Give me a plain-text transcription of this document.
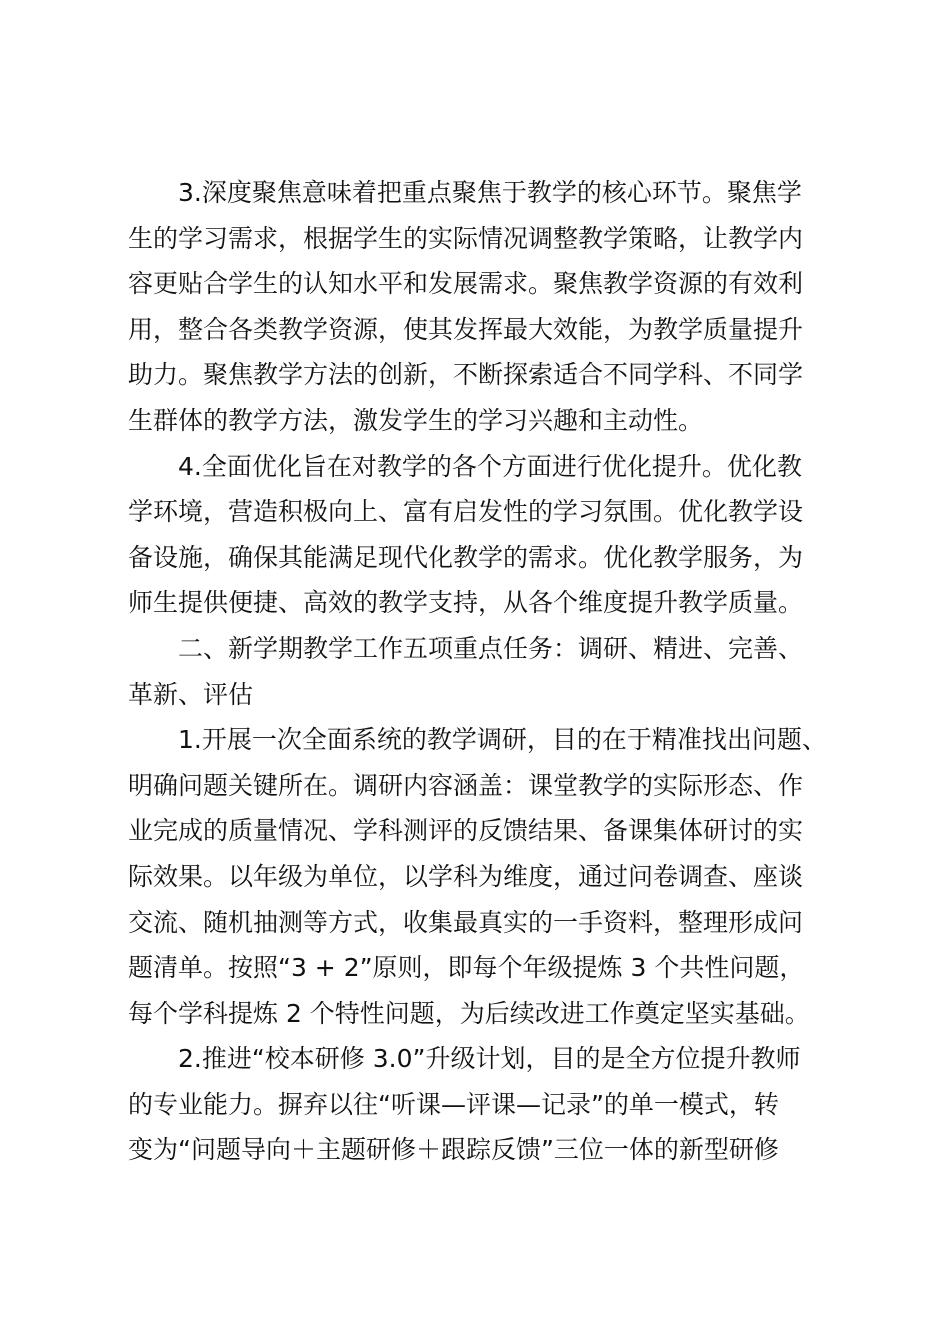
3.深度聚焦意味着把重点聚焦于教学的核心环节。聚焦学
生的学习需求，根据学生的实际情况调整教学策略，让教学内
容更贴合学生的认知水平和发展需求。聚焦教学资源的有效利
用，整合各类教学资源，使其发挥最大效能，为教学质量提升
助力。聚焦教学方法的创新，不断探索适合不同学科、不同学
生群体的教学方法，激发学生的学习兴趣和主动性。

4.全面优化旨在对教学的各个方面进行优化提升。优化教
学环境，营造积极向上、富有启发性的学习氛围。优化教学设
备设施，确保其能满足现代化教学的需求。优化教学服务，为
师生提供便捷、高效的教学支持，从各个维度提升教学质量。

二、新学期教学工作五项重点任务：调研、精进、完善、
革新、评估

1.开展一次全面系统的教学调研，目的在于精准找出问题、
明确问题关键所在。调研内容涵盖：课堂教学的实际形态、作
业完成的质量情况、学科测评的反馈结果、备课集体研讨的实
际效果。以年级为单位，以学科为维度，通过问卷调查、座谈
交流、随机抽测等方式，收集最真实的一手资料，整理形成问
题清单。按照“3 + 2”原则，即每个年级提炼 3 个共性问题，
每个学科提炼 2 个特性问题，为后续改进工作奠定坚实基础。

2.推进“校本研修 3.0”升级计划，目的是全方位提升教师
的专业能力。摒弃以往“听课—评课—记录”的单一模式，转
变为“问题导向＋主题研修＋跟踪反馈”三位一体的新型研修
